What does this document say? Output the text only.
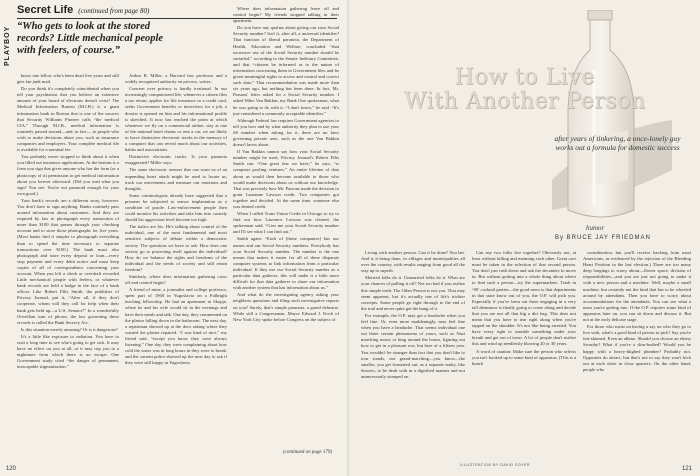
PLAYBOY
Secret Life (continued from page 80)
“Who gets to look at the stored records? Little mechanical people with feelers, of course.”

know one fellow who's been dead five years and still gets fan junk mail.

Do you think it's completely coincidental when you tell your psychiatrist that you believe an extensive amount of your hoard of electrons doesn't exist? The Medical Information Bureau (M.I.B.) is a giant information bank in Boston that is one of the sources that Security Williams Pioneer calls “the medical CIA.” Through M.I.B., medical information is routinely passed around—and, in fact— to people who wish to make decisions about you, such as insurance companies and employers. Your complete medical file is available for a nominal fee.

You probably never stopped to think about it when you filled out insurance applications. At the bottom is a form you sign that gives anyone who has the form (or a photocopy of it) permission to get medical information about you forever afterward. (Did you read what you sign? You see. You're not paranoid enough for your own good.)

Your bank's records are a different story, however. You don't have to sign anything. Banks routinely pass around information about customers. And they are required by law to photograph every transaction of more than $100 that passes through your checking account and to store those photographs for five years. (Most banks find it simpler to photograph everything than to spend the time necessary to separate transactions over $100.) The bank must also photograph and store every deposit or loan—every stop payment and every debit notice and must keep copies of all of correspondence concerning your account. When you left a check or overdraft recorded Little mechanical people with feelers, or whatever bank records are held a badge in the face of a bank officer. Like Robert Ellis Smith, the publisher of Privacy Journal, put it, “After all, if they don't cooperate, whom will they call for help when their bank gets held up—a U.S. Senator?” In a wonderfully Orwellian turn of phrase, the law governing these records is called the Bank Secrecy Act.

Is this situation merely amusing? Or is it dangerous?

It's a little like exposure to radiation. You have to wait a long time to see who's going to get sick. It may have no effect on you at all, or it may trip you to a nightmare from which there is no escape. One Government study cited “the danger of permanent, inescapable stigmatization.”

Arthur R. Miller, a Harvard law professor and a widely recognized authority on privacy, writes:

Concern over privacy is hardly irrational. In our increasingly computerized life, whenever a citizen files a tax return, applies for life insurance or a credit card, seeks Government benefits or interviews for a job, a dossier is opened on him and his informational profile is sketched. It now has reached the point at which whenever we fly on a commercial airline, stay at one of the national hotel chains or rent a car, we are likely to leave distinctive electronic tracks in the memory of a computer that can reveal much about our activities, habits and associations.

Distinctive electronic tracks. Is your paranoia exaggerated? Miller says:

The same electronic sensors that can warn us of an impending heart attack might be used to locate us, track our movements and measure our emotions and thoughts.

Some criminologists already have suggested that a prisoner be subjected to sensor implantation as a condition of parole. Law-enforcement people then could monitor his activities and take him into custody should his aggression level become too high.

The italics are his. He's talking about control of the individual, one of the most fundamental and most sensitive subjects of debate within a democratic society. The questions we have to ask: How does one society go to protecting itself against the individual? How do we balance the rights and freedoms of the individual and the needs of society and still retain freedom?

Similarly, where does information gathering cross off and control begin?

A friend of mine, a journalist and college professor, spent part of 1968 in Yugoslavia on a Fulbright teaching fellowship. He had an apartment in Skopje, where he and his wife would sit in the evenings and have their meals and talk. One day, they commented on the plaster falling down in the bathroom. The next day, a repairman showed up at the door asking where they wanted the plaster repaired. “I was kind of nice,” my friend said, “except you know they were always listening.” One day, they were complaining about how cold the water was in long hours in they were to break, and the current police showed up the next day to ask if they were still happy in Yugoslavia.

Where does information gathering leave off and control begin? My friends stopped talking in their apartment.

Do you have any qualms about giving out your Social Security number? Isn't it, after all, a universal identifier? That function of liberal paranoia, the Department of Health, Education and Welfare, concluded “that excessive use of the Social Security number should be curtailed,” according to the Senate Judiciary Committee, and that “citizens be informed as to the nature of information concerning them in Government files and be given meaningful rights to access and control and correct such data.” That recommendation was made more than six years ago, but nothing has been done. In fact, Mr. Parsons' letter asked for a Social Security number. I asked Mike Van Bakkin, my Bank One spokesman, what he was going to do with it. “I don't know,” he said. “It's just considered a commonly acceptable identifier.”

Although Federal law requires Government agencies to tell you how and by what authority they plan to use your SS number when asking for it, there are no laws governing private uses, such as the one Van Bakkin doesn't know about.

If Van Bakkin cannot say how your Social Security number might be used, Privacy Journal's Robert Ellis Smith can. “One great fear we have,” he says, “is computer pooling ventures.” An entire lifetime of data about us would then become available to those who would make decisions about us without our knowledge. That was precisely how Mr. Parsons made the decision to grant Lauranne Lawson credit. Two companies got together and decided. At the same time, someone else was denied credit.

When I called Trans Union Credit in Chicago to try to find out how Laurence Lawson was cleared, the spokesman said, “Give me your Social Security number and I'll see what I can find out.”

Smith again: “Each of [these companies] has our names and our Social Security numbers. Everybody has your Social Security number. The number is the one means that makes it easier for all of these disparate computer systems to link information from a particular individual. If they use our Social Security number as a particular data gatherer, this will make it a little more difficult for that data gatherer to share our information with another system that has information about us.”

And what do the investigating agency asking your neighbors questions and filing such investigative reports on you? Surely, that's simple paranoia, a grand delusion. While still a Congressman, Mayor Edward I. Koch of New York City spoke before Congress on the subject of

(continued on page 179)
120
How to Live
With Another Person
after years of tinkering, a once-lonely guy works out a formula for domestic success
humor
By BRUCE JAY FRIEDMAN

Living with another person. Can it be done? You bet. And is it being done, in villages and municipalities all over the country, with results ranging from good all the way up to superb.

Married folks do it. Unmarried folks do it. What are your chances of pulling it off? Not too bad if you realize this simple truth: The Other Person is not you. That may seem apparent, but it's actually one of life's trickier concepts. Some people go right through to the end of the trail and never quite get the hang of it.

For example, the O.P. may get a headache when you feel fine. Or, even more maddeningly, may feel fine when you have a headache. That seems individual one out there certain phenomena of yours, such as Nazi marching music or bing around the house, figuring out how to get in a pleasant row, but here of a fifteen year. You wouldn't be stranger than fact that you don't like to tour stands, nor grand-marching—you know—the smaller, you get frustrated out, as a separate entity, like Soweto, to be dealt with in a dignified manner and not unnecessarily stomped on.

Can any two folks live together? Obviously not, at least without killing and maiming each other. Great care must be taken in the selection of that second person. You don't just rush down and ask the decanters to move in. But without getting into a whole thing about where to find such a person—try the supermarkets. Trash in ‘80’ cocktail parties—the good news is that departments in that state know out of you, the O.P. will pick you. Especially if you've been out there engaging in a very tall demeanor is finally going to come along and decide that you are not all that big a dirt bag. This does not mean that you have to tear right along when you're tapped on the shoulder. It's not like being arrested. You have every right to stumble something under your breath and get out of town. A lot of people don't realize this and wind up needlessly blowing 20 or 30 years.

A word of caution: Make sure the person who selects you isn't hooked up to some kind of apparatus. (This is a hunch

consideration, but you'll receive backing from most Americans, as evidenced by the rejection of the Bleeding Heart Position in the last election.) There are too many deep longings to worry about—flower space, division of responsibilities—and you are just not going to make it with a new person and a machine. Well, maybe a small machine, but certainly not the kind that has to be wheeled around by attendants. Then you have to worry about accommodations for the attendants. You can see what a mess you're getting into. If the O.P. requires some kind of apparatus later on, you can sit down and discuss it. But not at the early delicate stage.

For those who insist on having a say on who they go to live with, what's a good kind of person to pick? Say you're fair-skinned. Even an albino. Should you choose an ebony Swarthy? What if you're a slim-bodied? Would you be happy with a heavy-thighed plumber? Probably not. Opposites do attract, but that's not to say they won't kick out at each other in close quarters. On the other hand, people who

ILLUSTRATION BY DAVID SOYER
121
